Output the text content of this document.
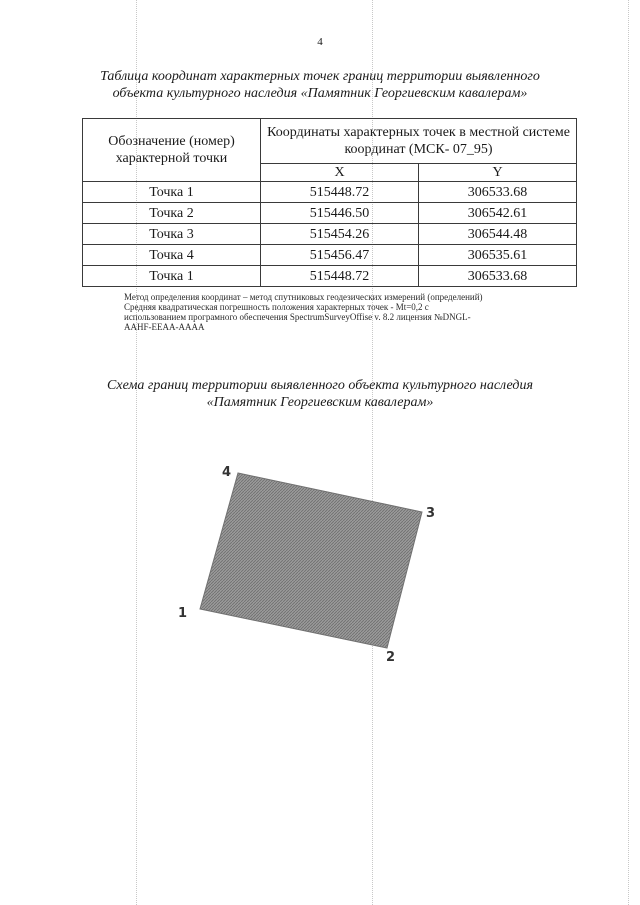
4
Таблица координат характерных точек границ территории выявленного
объекта культурного наследия «Памятник Георгиевским кавалерам»
Обозначение (номер) характерной точки	Координаты характерных точек в местной системе координат (МСК- 07_95)	
	X	Y
Точка 1	515448.72	306533.68
Точка 2	515446.50	306542.61
Точка 3	515454.26	306544.48
Точка 4	515456.47	306535.61
Точка 1	515448.72	306533.68
Метод определения координат – метод спутниковых геодезических измерений (определений)
Средняя квадратическая погрешность положения характерных точек - Mt=0,2 с
использованием програмного обеспечения SpectrumSurveyOffise v. 8.2 лицензия №DNGL-
AAHF-EEAA-AAAA
Схема границ территории выявленного объекта культурного наследия
«Памятник Георгиевским кавалерам»
1
2
3
4
